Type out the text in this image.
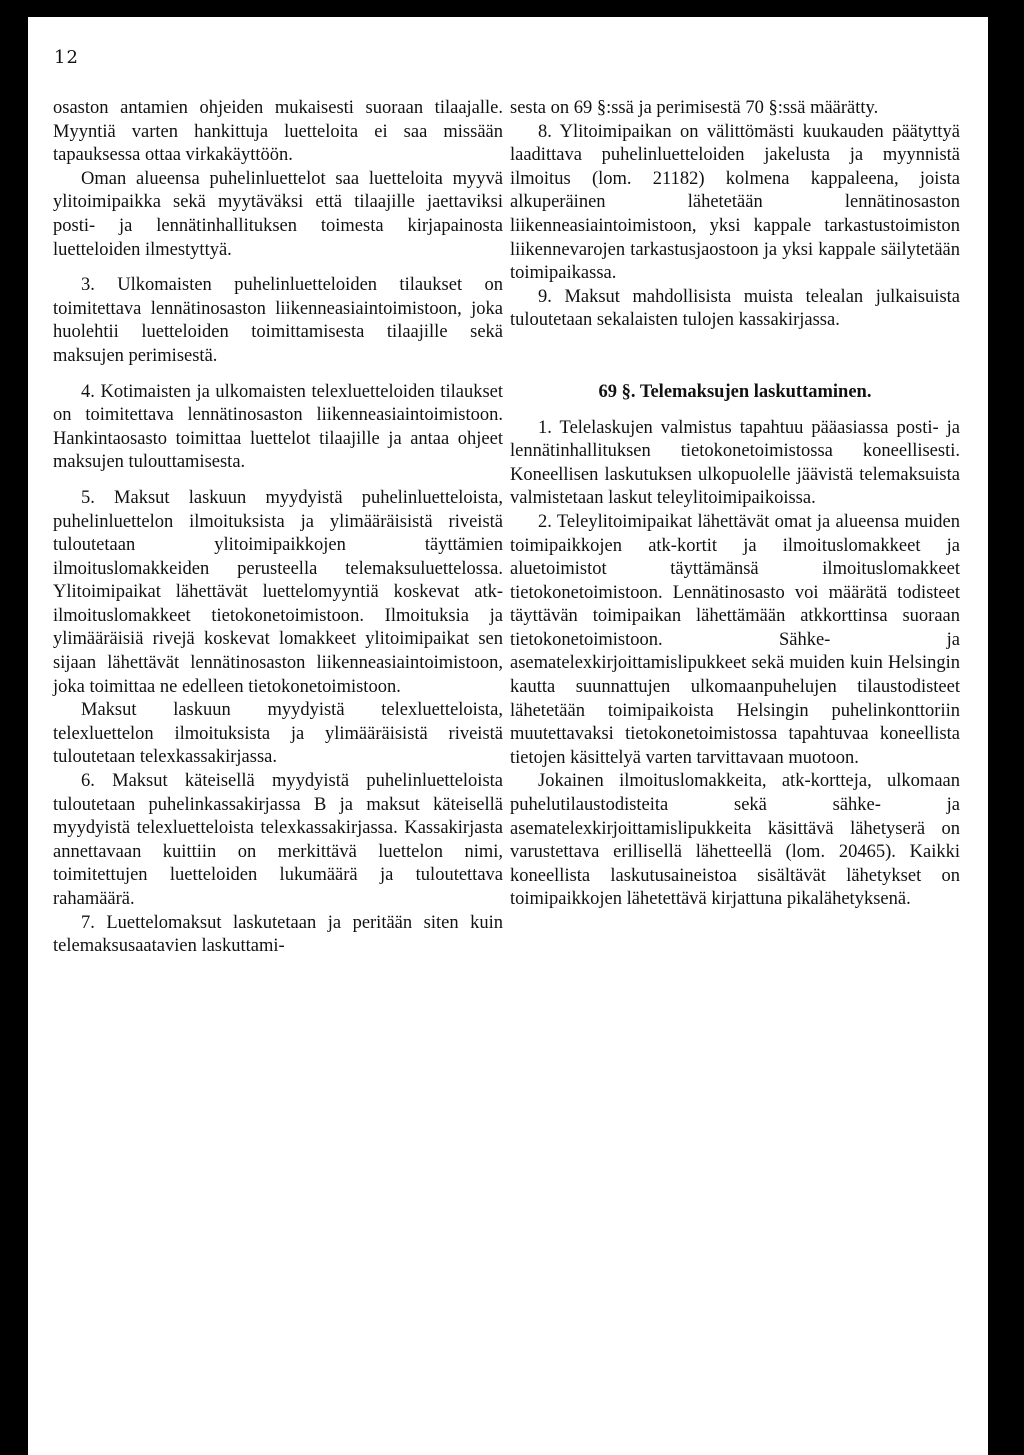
12

osaston antamien ohjeiden mukaisesti suoraan tilaajalle. Myyntiä varten hankittuja luetteloita ei saa missään tapauksessa ottaa virkakäyttöön.

Oman alueensa puhelinluettelot saa luetteloita myyvä ylitoimipaikka sekä myytäväksi että tilaajille jaettaviksi posti- ja lennätinhallituksen toimesta kirjapainosta luetteloiden ilmestyttyä.

3. Ulkomaisten puhelinluetteloiden tilaukset on toimitettava lennätinosaston liikenneasiaintoimistoon, joka huolehtii luetteloiden toimittamisesta tilaajille sekä maksujen perimisestä.

4. Kotimaisten ja ulkomaisten telexluetteloiden tilaukset on toimitettava lennätinosaston liikenneasiaintoimistoon. Hankintaosasto toimittaa luettelot tilaajille ja antaa ohjeet maksujen tulouttamisesta.

5. Maksut laskuun myydyistä puhelinluetteloista, puhelinluettelon ilmoituksista ja ylimääräisistä riveistä tuloutetaan ylitoimipaikkojen täyttämien ilmoituslomakkeiden perusteella telemaksuluettelossa. Ylitoimipaikat lähettävät luettelomyyntiä koskevat atk-ilmoituslomakkeet tietokonetoimistoon. Ilmoituksia ja ylimääräisiä rivejä koskevat lomakkeet ylitoimipaikat sen sijaan lähettävät lennätinosaston liikenneasiaintoimistoon, joka toimittaa ne edelleen tietokonetoimistoon.

Maksut laskuun myydyistä telexluetteloista, telexluettelon ilmoituksista ja ylimääräisistä riveistä tuloutetaan telexkassakirjassa.

6. Maksut käteisellä myydyistä puhelinluetteloista tuloutetaan puhelinkassakirjassa B ja maksut käteisellä myydyistä telexluetteloista telexkassakirjassa. Kassakirjasta annettavaan kuittiin on merkittävä luettelon nimi, toimitettujen luetteloiden lukumäärä ja tuloutettava rahamäärä.

7. Luettelomaksut laskutetaan ja peritään siten kuin telemaksusaatavien laskuttami-

sesta on 69 §:ssä ja perimisestä 70 §:ssä määrätty.

8. Ylitoimipaikan on välittömästi kuukauden päätyttyä laadittava puhelinluetteloiden jakelusta ja myynnistä ilmoitus (lom. 21182) kolmena kappaleena, joista alkuperäinen lähetetään lennätinosaston liikenneasiaintoimistoon, yksi kappale tarkastustoimiston liikennevarojen tarkastusjaostoon ja yksi kappale säilytetään toimipaikassa.

9. Maksut mahdollisista muista telealan julkaisuista tuloutetaan sekalaisten tulojen kassakirjassa.

69 §. Telemaksujen laskuttaminen.

1. Telelaskujen valmistus tapahtuu pääasiassa posti- ja lennätinhallituksen tietokonetoimistossa koneellisesti. Koneellisen laskutuksen ulkopuolelle jäävistä telemaksuista valmistetaan laskut teleylitoimipaikoissa.

2. Teleylitoimipaikat lähettävät omat ja alueensa muiden toimipaikkojen atk-kortit ja ilmoituslomakkeet ja aluetoimistot täyttämänsä ilmoituslomakkeet tietokonetoimistoon. Lennätinosasto voi määrätä todisteet täyttävän toimipaikan lähettämään atkkorttinsa suoraan tietokonetoimistoon. Sähke- ja asematelexkirjoittamislipukkeet sekä muiden kuin Helsingin kautta suunnattujen ulkomaanpuhelujen tilaustodisteet lähetetään toimipaikoista Helsingin puhelinkonttoriin muutettavaksi tietokonetoimistossa tapahtuvaa koneellista tietojen käsittelyä varten tarvittavaan muotoon.

Jokainen ilmoituslomakkeita, atk-kortteja, ulkomaan puhelutilaustodisteita sekä sähke- ja asematelexkirjoittamislipukkeita käsittävä lähetyserä on varustettava erillisellä lähetteellä (lom. 20465). Kaikki koneellista laskutusaineistoa sisältävät lähetykset on toimipaikkojen lähetettävä kirjattuna pikalähetyksenä.
